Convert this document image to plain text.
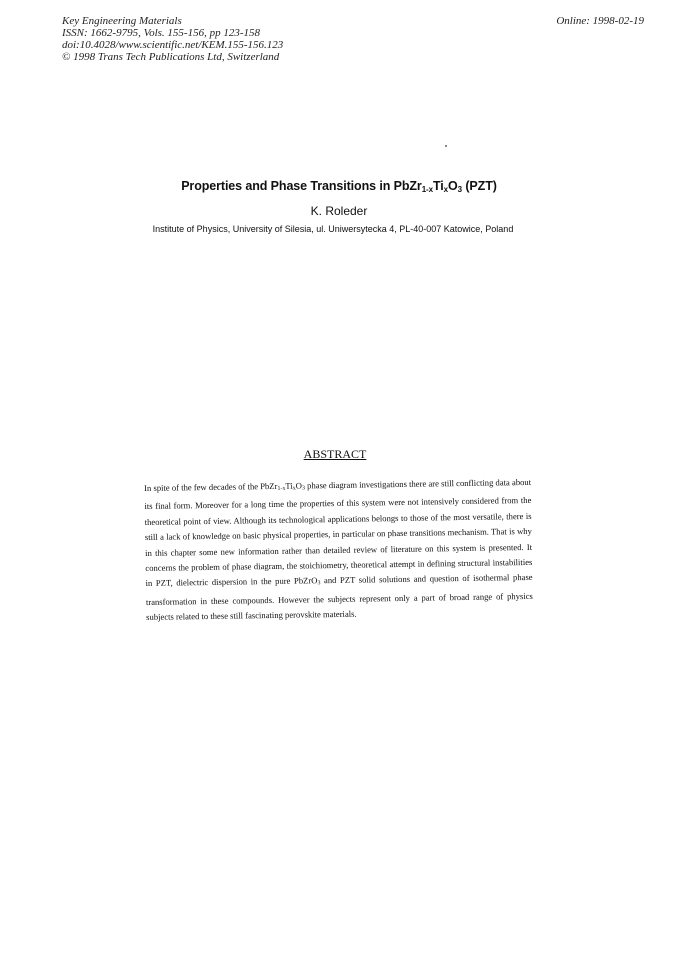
Key Engineering Materials
ISSN: 1662-9795, Vols. 155-156, pp 123-158
doi:10.4028/www.scientific.net/KEM.155-156.123
© 1998 Trans Tech Publications Ltd, Switzerland
Online: 1998-02-19
Properties and Phase Transitions in $PbZr_{1-x}Ti_xO_3$ (PZT)
K. Roleder
Institute of Physics, University of Silesia, ul. Uniwersytecka 4, PL-40-007 Katowice, Poland
ABSTRACT

In spite of the few decades of the $PbZr_{1-x}Ti_xO_3$ phase diagram investigations there are still conflicting data about its final form. Moreover for a long time the properties of this system were not intensively considered from the theoretical point of view. Although its technological applications belongs to those of the most versatile, there is still a lack of knowledge on basic physical properties, in particular on phase transitions mechanism. That is why in this chapter some new information rather than detailed review of literature on this system is presented. It concerns the problem of phase diagram, the stoichiometry, theoretical attempt in defining structural instabilities in PZT, dielectric dispersion in the pure PbZrO$_3$ and PZT solid solutions and question of isothermal phase transformation in these compounds. However the subjects represent only a part of broad range of physics subjects related to these still fascinating perovskite materials.
